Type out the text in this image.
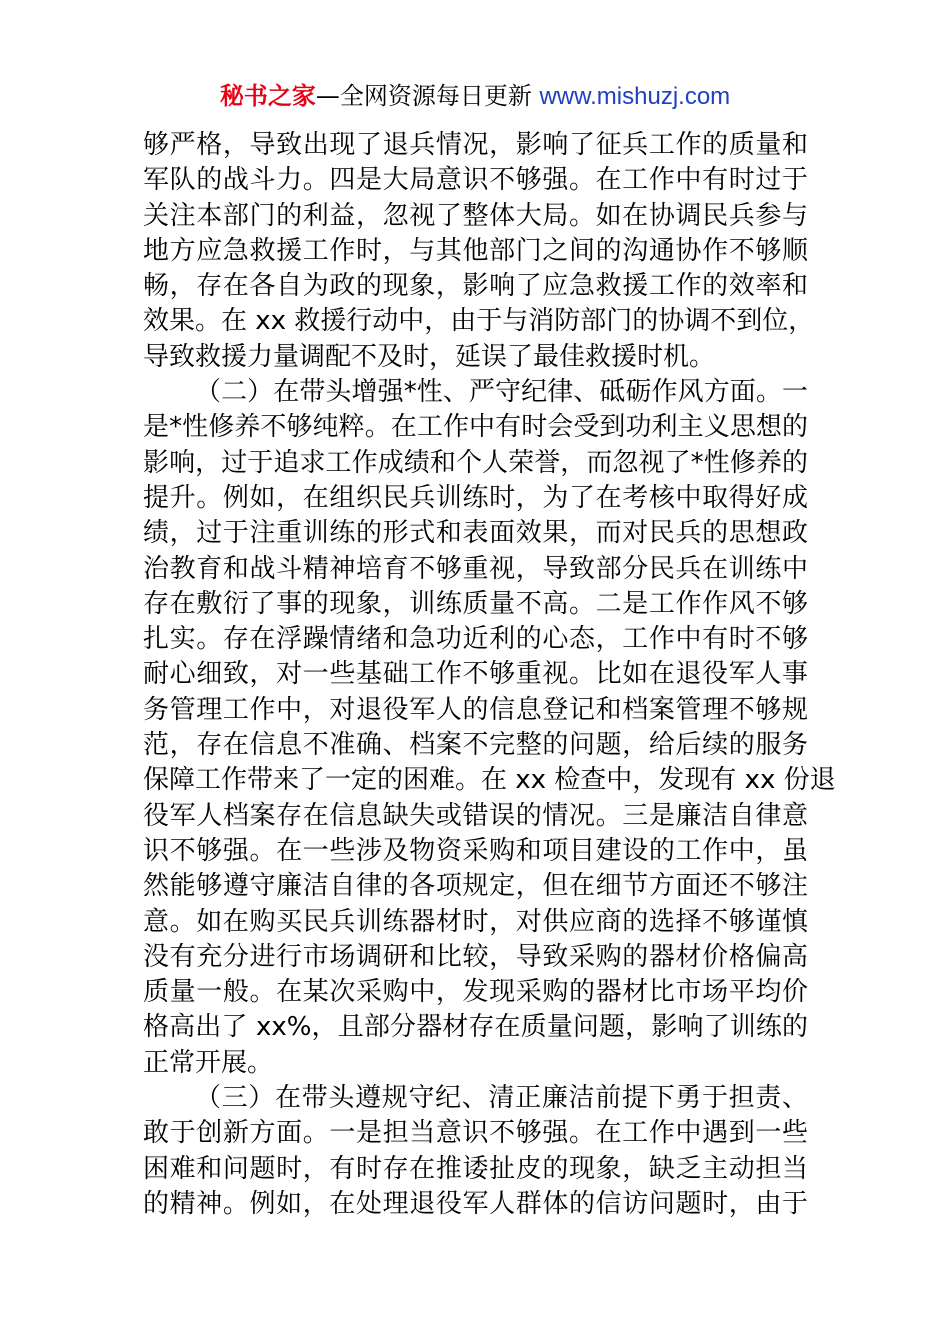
秘书之家—全网资源每日更新 www.mishuzj.com
够严格，导致出现了退兵情况，影响了征兵工作的质量和
军队的战斗力。四是大局意识不够强。在工作中有时过于
关注本部门的利益，忽视了整体大局。如在协调民兵参与
地方应急救援工作时，与其他部门之间的沟通协作不够顺
畅，存在各自为政的现象，影响了应急救援工作的效率和
效果。在 xx 救援行动中，由于与消防部门的协调不到位，
导致救援力量调配不及时，延误了最佳救援时机。
（二）在带头增强*性、严守纪律、砥砺作风方面。一
是*性修养不够纯粹。在工作中有时会受到功利主义思想的
影响，过于追求工作成绩和个人荣誉，而忽视了*性修养的
提升。例如，在组织民兵训练时，为了在考核中取得好成
绩，过于注重训练的形式和表面效果，而对民兵的思想政
治教育和战斗精神培育不够重视，导致部分民兵在训练中
存在敷衍了事的现象，训练质量不高。二是工作作风不够
扎实。存在浮躁情绪和急功近利的心态，工作中有时不够
耐心细致，对一些基础工作不够重视。比如在退役军人事
务管理工作中，对退役军人的信息登记和档案管理不够规
范，存在信息不准确、档案不完整的问题，给后续的服务
保障工作带来了一定的困难。在 xx 检查中，发现有 xx 份退
役军人档案存在信息缺失或错误的情况。三是廉洁自律意
识不够强。在一些涉及物资采购和项目建设的工作中，虽
然能够遵守廉洁自律的各项规定，但在细节方面还不够注
意。如在购买民兵训练器材时，对供应商的选择不够谨慎
没有充分进行市场调研和比较，导致采购的器材价格偏高
质量一般。在某次采购中，发现采购的器材比市场平均价
格高出了 xx%，且部分器材存在质量问题，影响了训练的
正常开展。
（三）在带头遵规守纪、清正廉洁前提下勇于担责、
敢于创新方面。一是担当意识不够强。在工作中遇到一些
困难和问题时，有时存在推诿扯皮的现象，缺乏主动担当
的精神。例如，在处理退役军人群体的信访问题时，由于
